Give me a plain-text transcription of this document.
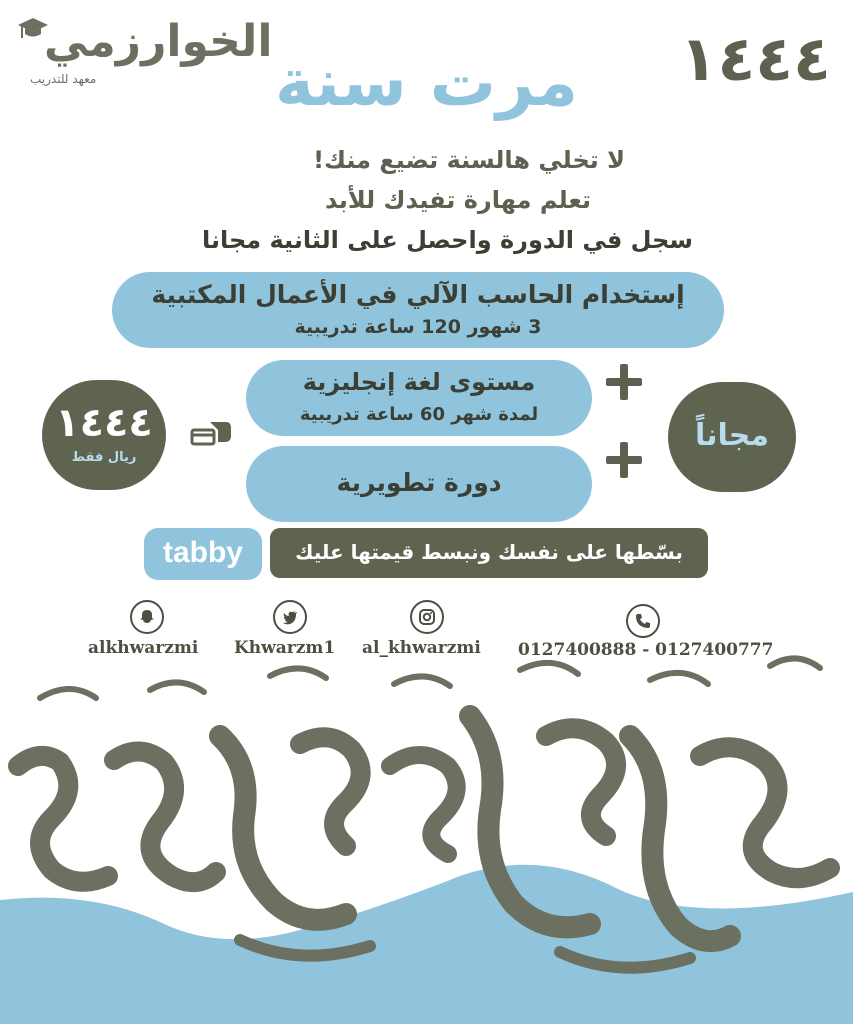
الخوارزمي
معهد للتدريب	١٤٤٤
مرت سنة
لا تخلي هالسنة تضيع منك!
تعلم مهارة تفيدك للأبد
سجل في الدورة واحصل على الثانية مجانا
إستخدام الحاسب الآلي في الأعمال المكتبية
3 شهور 120 ساعة تدريبية
مستوى لغة إنجليزية
لمدة شهر 60 ساعة تدريبية
دورة تطويرية
مجاناً
١٤٤٤
ريال فقط
tabby	بسّطها على نفسك ونبسط قيمتها عليك
alkhwarzmi Khwarzm1 al_khwarzmi 0127400888 - 0127400777
